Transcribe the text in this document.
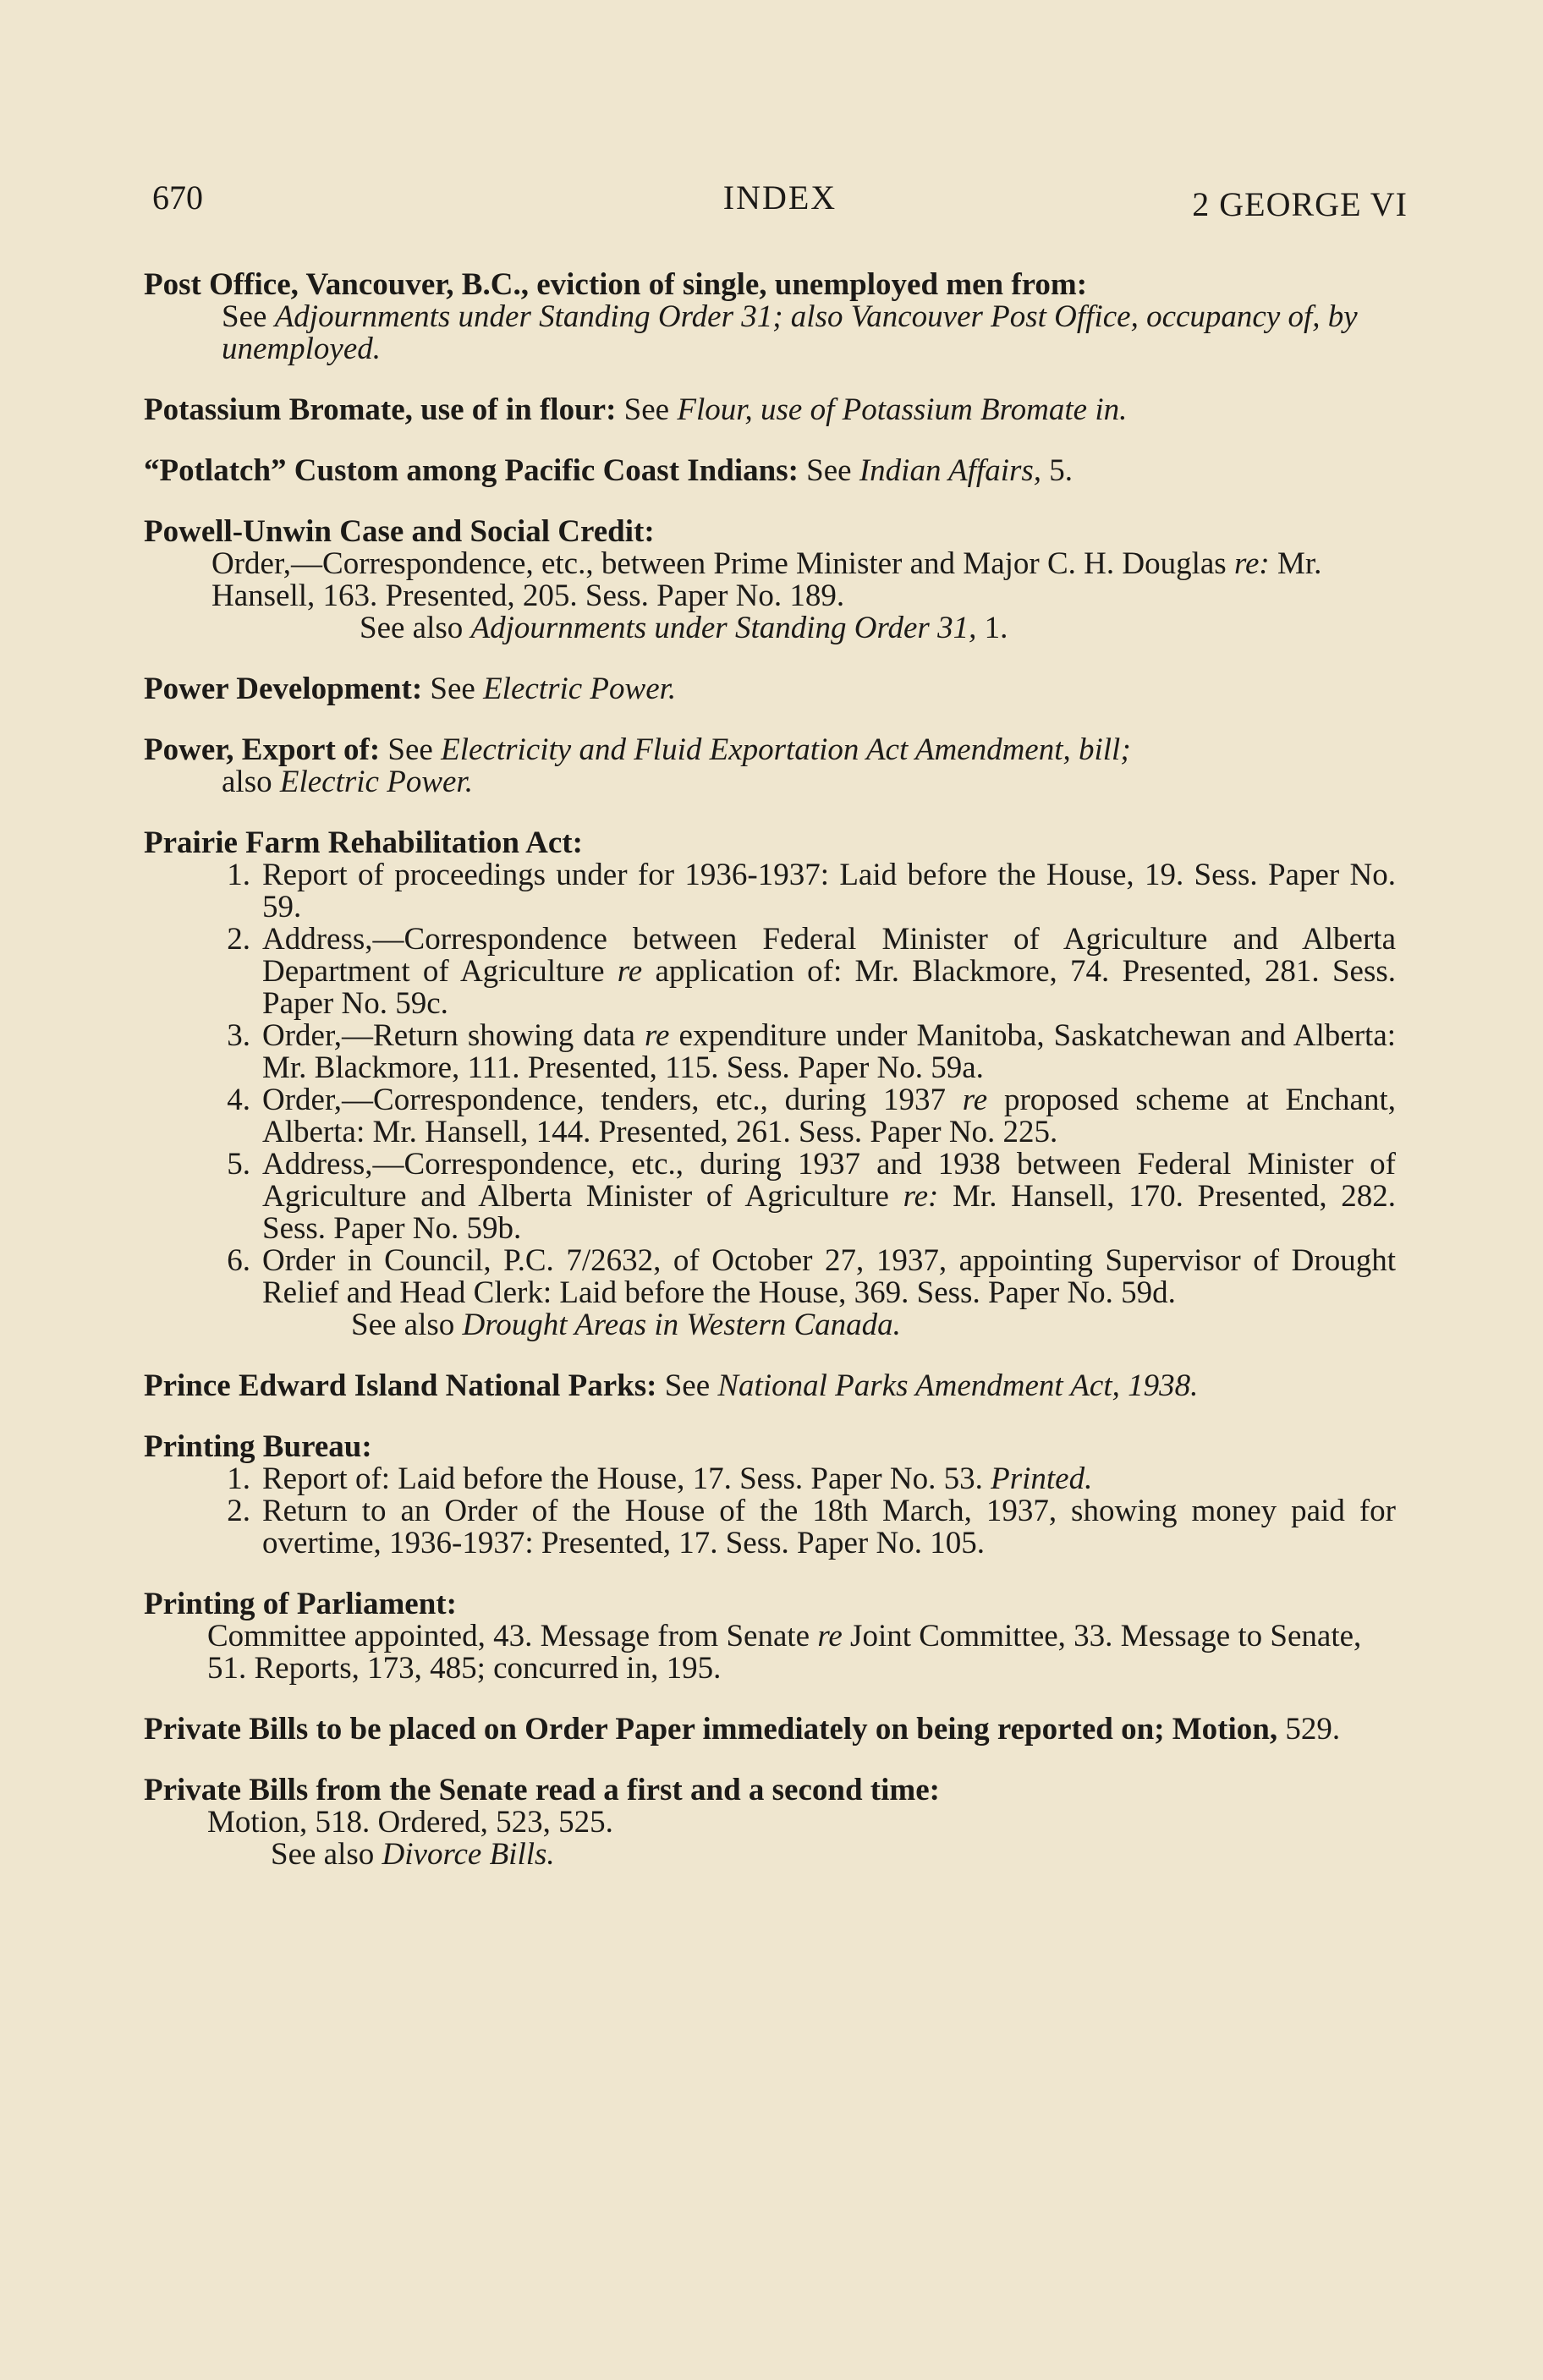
670	INDEX	2 GEORGE VI
Post Office, Vancouver, B.C., eviction of single, unemployed men from:
See Adjournments under Standing Order 31; also Vancouver Post Office, occupancy of, by unemployed.
Potassium Bromate, use of in flour: See Flour, use of Potassium Bromate in.
“Potlatch” Custom among Pacific Coast Indians: See Indian Affairs, 5.
Powell-Unwin Case and Social Credit:
Order,—Correspondence, etc., between Prime Minister and Major C. H. Douglas re: Mr. Hansell, 163. Presented, 205. Sess. Paper No. 189.
See also Adjournments under Standing Order 31, 1.
Power Development: See Electric Power.
Power, Export of: See Electricity and Fluid Exportation Act Amendment, bill;
also Electric Power.
Prairie Farm Rehabilitation Act:
1. Report of proceedings under for 1936-1937: Laid before the House, 19. Sess. Paper No. 59.
2. Address,—Correspondence between Federal Minister of Agriculture and Alberta Department of Agriculture re application of: Mr. Blackmore, 74. Presented, 281. Sess. Paper No. 59c.
3. Order,—Return showing data re expenditure under Manitoba, Saskatchewan and Alberta: Mr. Blackmore, 111. Presented, 115. Sess. Paper No. 59a.
4. Order,—Correspondence, tenders, etc., during 1937 re proposed scheme at Enchant, Alberta: Mr. Hansell, 144. Presented, 261. Sess. Paper No. 225.
5. Address,—Correspondence, etc., during 1937 and 1938 between Federal Minister of Agriculture and Alberta Minister of Agriculture re: Mr. Hansell, 170. Presented, 282. Sess. Paper No. 59b.
6. Order in Council, P.C. 7/2632, of October 27, 1937, appointing Supervisor of Drought Relief and Head Clerk: Laid before the House, 369. Sess. Paper No. 59d.
See also Drought Areas in Western Canada.
Prince Edward Island National Parks: See National Parks Amendment Act, 1938.
Printing Bureau:
1. Report of: Laid before the House, 17. Sess. Paper No. 53. Printed.
2. Return to an Order of the House of the 18th March, 1937, showing money paid for overtime, 1936-1937: Presented, 17. Sess. Paper No. 105.
Printing of Parliament:
Committee appointed, 43. Message from Senate re Joint Committee, 33. Message to Senate, 51. Reports, 173, 485; concurred in, 195.
Private Bills to be placed on Order Paper immediately on being reported on; Motion, 529.
Private Bills from the Senate read a first and a second time:
Motion, 518. Ordered, 523, 525.
See also Divorce Bills.
